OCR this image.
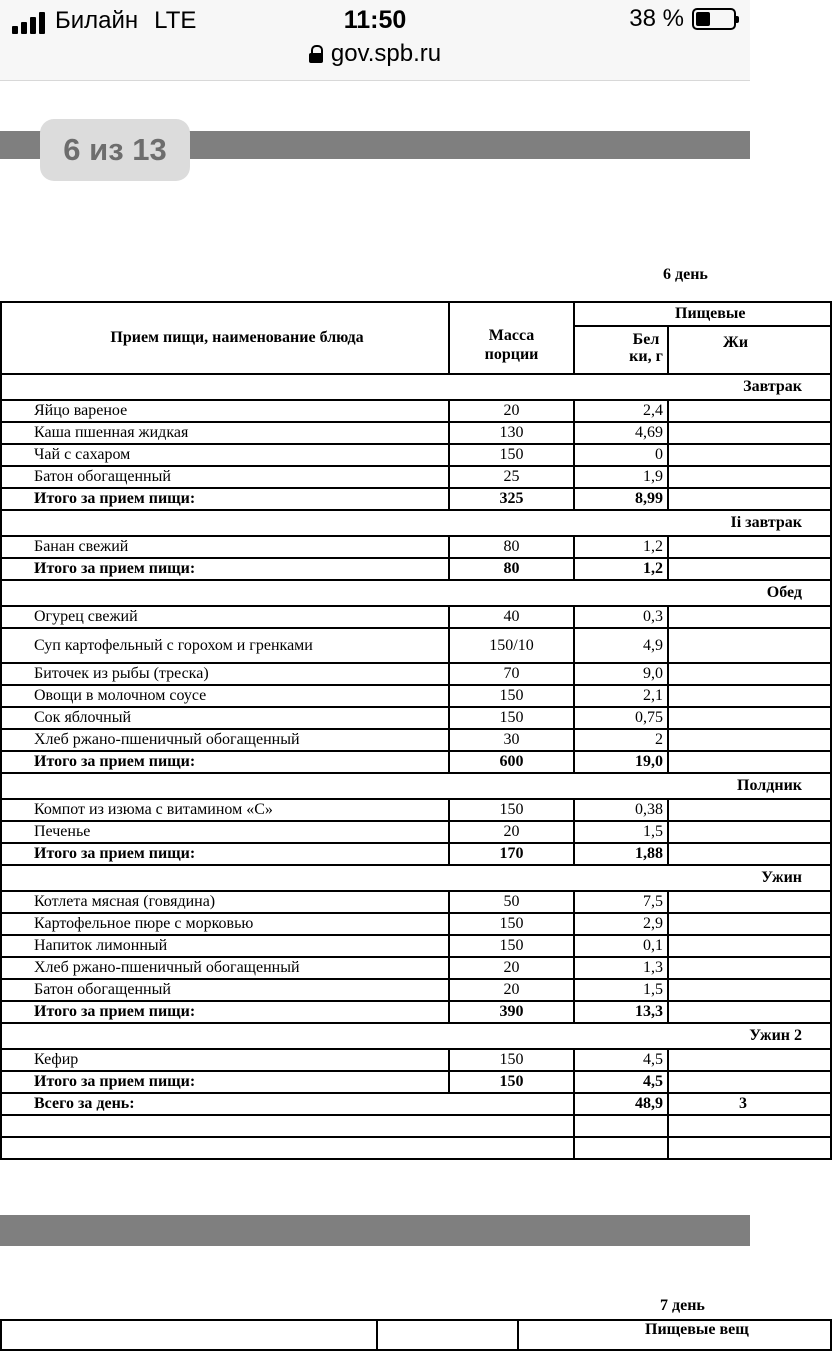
Билайн LTE	11:50	38 %
gov.spb.ru
6 из 13
6 день
Прием пищи, наименование блюда	Масса порции	Пищевые	
		Бел ки, г	Жи
Завтрак			
Яйцо вареное	20	2,4	
Каша пшенная жидкая	130	4,69	
Чай с сахаром	150	0	
Батон обогащенный	25	1,9	
Итого за прием пищи:	325	8,99	
Ii завтрак			
Банан свежий	80	1,2	
Итого за прием пищи:	80	1,2	
Обед			
Огурец свежий	40	0,3	
Суп картофельный с горохом и гренками	150/10	4,9	
Биточек из рыбы (треска)	70	9,0	
Овощи в молочном соусе	150	2,1	
Сок яблочный	150	0,75	
Хлеб ржано-пшеничный обогащенный	30	2	
Итого за прием пищи:	600	19,0	
Полдник			
Компот из изюма с витамином «С»	150	0,38	
Печенье	20	1,5	
Итого за прием пищи:	170	1,88	
Ужин			
Котлета мясная (говядина)	50	7,5	
Картофельное пюре с морковью	150	2,9	
Напиток лимонный	150	0,1	
Хлеб ржано-пшеничный обогащенный	20	1,3	
Батон обогащенный	20	1,5	
Итого за прием пищи:	390	13,3	
Ужин 2			
Кефир	150	4,5	
Итого за прием пищи:	150	4,5	
Всего за день:		48,9	3

7 день
		Пищевые вещ
